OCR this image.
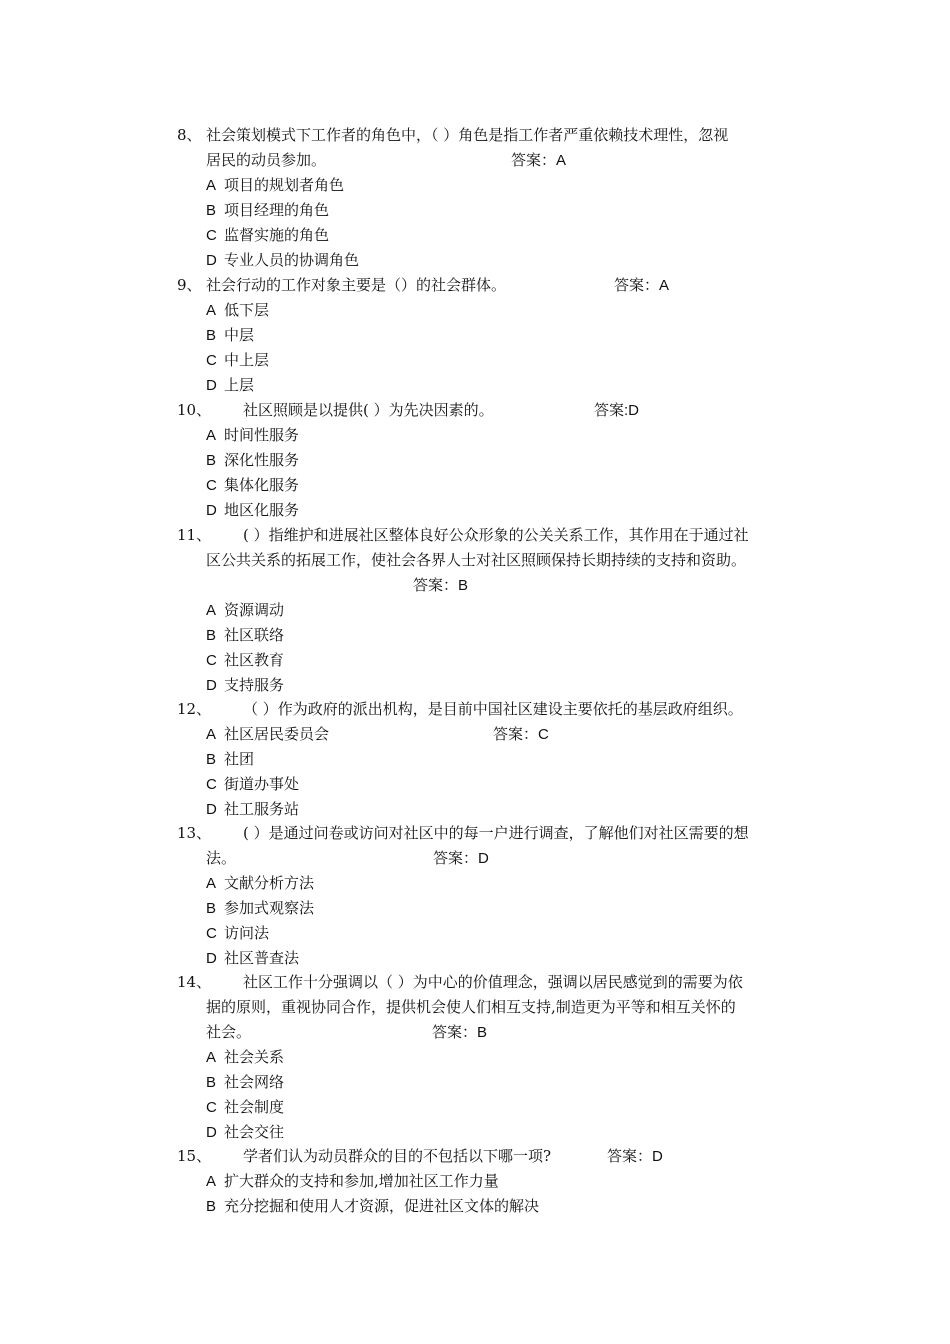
8、 社会策划模式下工作者的角色中，（ ）角色是指工作者严重依赖技术理性，忽视
居民的动员参加。	答案：A
A 项目的规划者角色
B 项目经理的角色
C 监督实施的角色
D 专业人员的协调角色
9、 社会行动的工作对象主要是（）的社会群体。	答案：A
A 低下层
B 中层
C 中上层
D 上层
10、 社区照顾是以提供( ）为先决因素的。	答案:D
A 时间性服务
B 深化性服务
C 集体化服务
D 地区化服务
11、 ( ）指维护和进展社区整体良好公众形象的公关关系工作，其作用在于通过社
区公共关系的拓展工作，使社会各界人士对社区照顾保持长期持续的支持和资助。
答案：B
A 资源调动
B 社区联络
C 社区教育
D 支持服务
12、 （ ）作为政府的派出机构，是目前中国社区建设主要依托的基层政府组织。
A 社区居民委员会	答案：C
B 社团
C 街道办事处
D 社工服务站
13、 ( ）是通过问卷或访问对社区中的每一户进行调查，了解他们对社区需要的想
法。	答案：D
A 文献分析方法
B 参加式观察法
C 访问法
D 社区普查法
14、 社区工作十分强调以（ ）为中心的价值理念，强调以居民感觉到的需要为依
据的原则，重视协同合作，提供机会使人们相互支持,制造更为平等和相互关怀的
社会。	答案：B
A 社会关系
B 社会网络
C 社会制度
D 社会交往
15、 学者们认为动员群众的目的不包括以下哪一项?	答案：D
A 扩大群众的支持和参加,增加社区工作力量
B 充分挖掘和使用人才资源，促进社区文体的解决
